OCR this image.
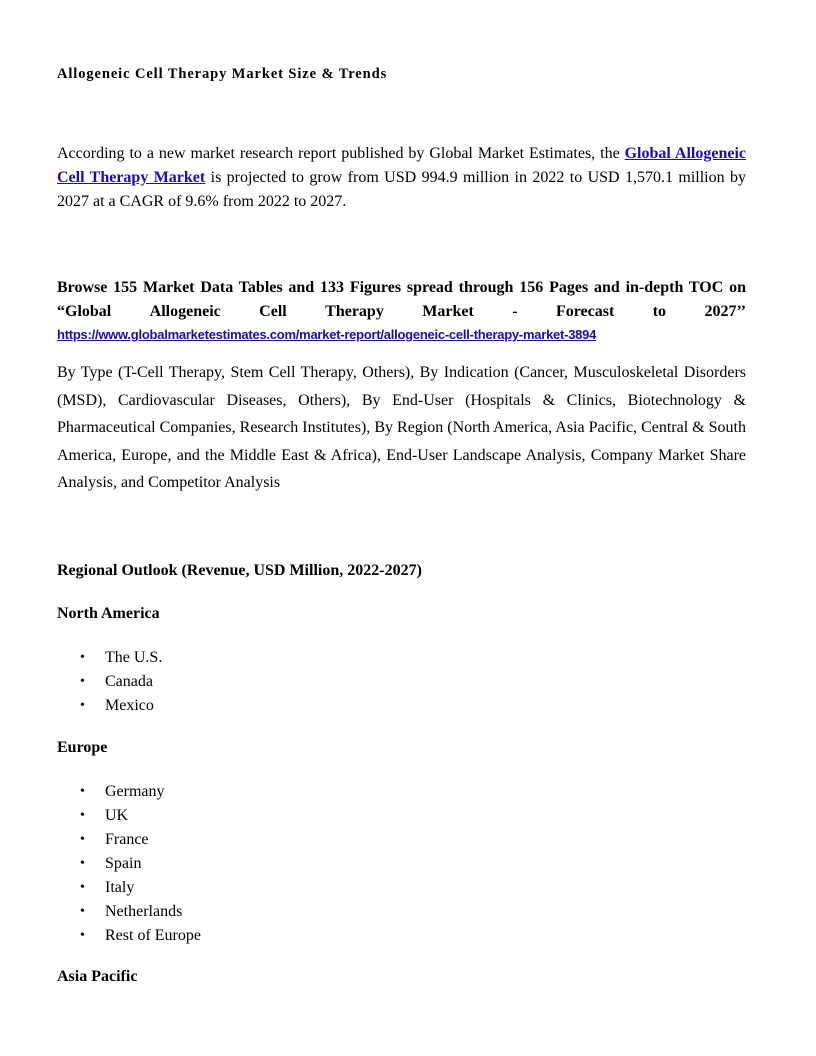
Allogeneic Cell Therapy Market Size & Trends

According to a new market research report published by Global Market Estimates, the Global Allogeneic Cell Therapy Market is projected to grow from USD 994.9 million in 2022 to USD 1,570.1 million by 2027 at a CAGR of 9.6% from 2022 to 2027.

Browse 155 Market Data Tables and 133 Figures spread through 156 Pages and in-depth TOC on
“Global Allogeneic Cell Therapy Market - Forecast to 2027’’
https://www.globalmarketestimates.com/market-report/allogeneic-cell-therapy-market-3894

By Type (T-Cell Therapy, Stem Cell Therapy, Others), By Indication (Cancer, Musculoskeletal Disorders (MSD), Cardiovascular Diseases, Others), By End-User (Hospitals & Clinics, Biotechnology & Pharmaceutical Companies, Research Institutes), By Region (North America, Asia Pacific, Central & South America, Europe, and the Middle East & Africa), End-User Landscape Analysis, Company Market Share Analysis, and Competitor Analysis

Regional Outlook (Revenue, USD Million, 2022-2027)
North America
• The U.S.
• Canada
• Mexico
Europe
• Germany
• UK
• France
• Spain
• Italy
• Netherlands
• Rest of Europe
Asia Pacific
